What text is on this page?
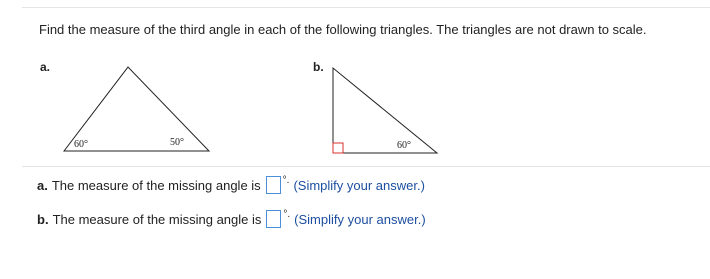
Find the measure of the third angle in each of the following triangles. The triangles are not drawn to scale.
a.	b.
60°	50°	60°
a. The measure of the missing angle is °. (Simplify your answer.)
b. The measure of the missing angle is °. (Simplify your answer.)
